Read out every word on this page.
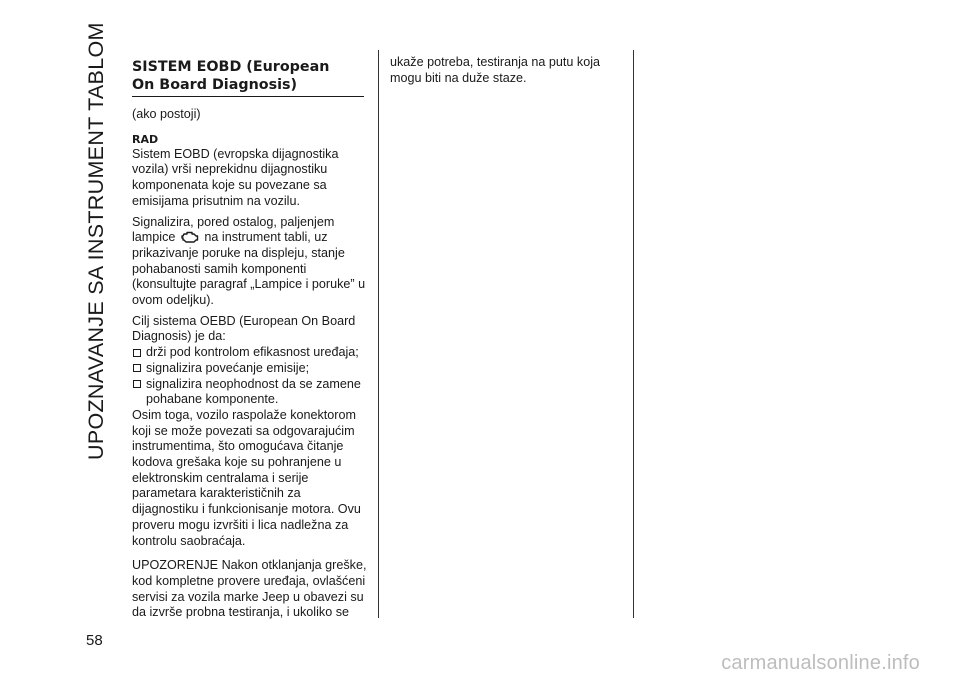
UPOZNAVANJE SA INSTRUMENT TABLOM
58
SISTEM EOBD (European
On Board Diagnosis)

(ako postoji)

RAD

Sistem EOBD (evropska dijagnostika vozila) vrši neprekidnu dijagnostiku komponenata koje su povezane sa emisijama prisutnim na vozilu.

Signalizira, pored ostalog, paljenjem lampice na instrument tabli, uz prikazivanje poruke na displeju, stanje pohabanosti samih komponenti (konsultujte paragraf „Lampice i poruke” u ovom odeljku).

Cilj sistema OEBD (European On Board Diagnosis) je da:

drži pod kontrolom efikasnost uređaja;
signalizira povećanje emisije;
signalizira neophodnost da se zamene pohabane komponente.

Osim toga, vozilo raspolaže konektorom koji se može povezati sa odgovarajućim instrumentima, što omogućava čitanje kodova grešaka koje su pohranjene u elektronskim centralama i serije parametara karakterističnih za dijagnostiku i funkcionisanje motora. Ovu proveru mogu izvršiti i lica nadležna za kontrolu saobraćaja.

UPOZORENJE Nakon otklanjanja greške, kod kompletne provere uređaja, ovlašćeni servisi za vozila marke Jeep u obavezi su da izvrše probna testiranja, i ukoliko se

ukaže potreba, testiranja na putu koja mogu biti na duže staze.

carmanualsonline.info
